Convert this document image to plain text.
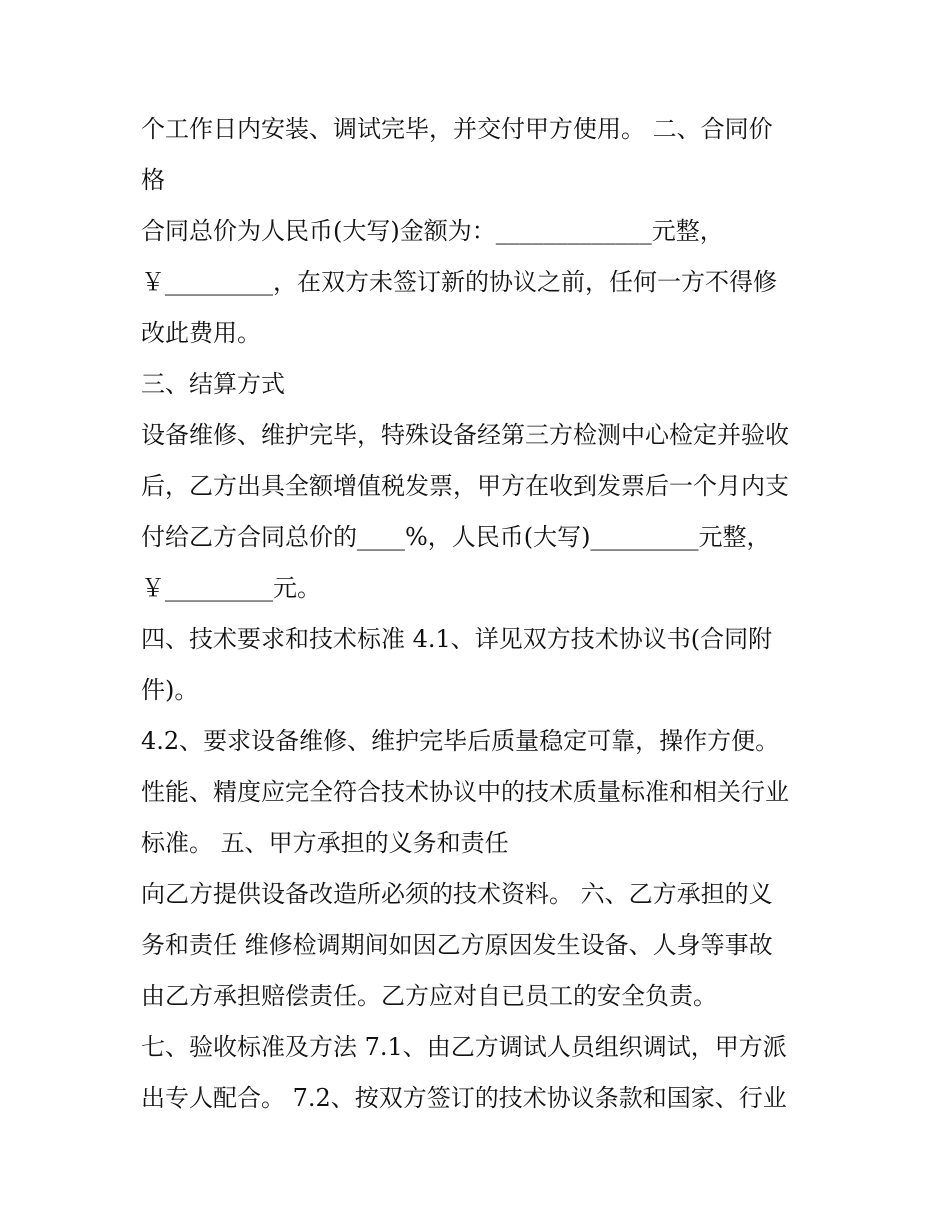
个工作日内安装、调试完毕，并交付甲方使用。 二、合同价
格
合同总价为人民币(大写)金额为：_____________元整，
￥_________，在双方未签订新的协议之前，任何一方不得修
改此费用。
三、结算方式
设备维修、维护完毕，特殊设备经第三方检测中心检定并验收
后，乙方出具全额增值税发票，甲方在收到发票后一个月内支
付给乙方合同总价的____%，人民币(大写)_________元整，
￥_________元。
四、技术要求和技术标准 4.1、详见双方技术协议书(合同附
件)。
4.2、要求设备维修、维护完毕后质量稳定可靠，操作方便。
性能、精度应完全符合技术协议中的技术质量标准和相关行业
标准。 五、甲方承担的义务和责任
向乙方提供设备改造所必须的技术资料。 六、乙方承担的义
务和责任 维修检调期间如因乙方原因发生设备、人身等事故
由乙方承担赔偿责任。乙方应对自已员工的安全负责。
七、验收标准及方法 7.1、由乙方调试人员组织调试，甲方派
出专人配合。 7.2、按双方签订的技术协议条款和国家、行业
